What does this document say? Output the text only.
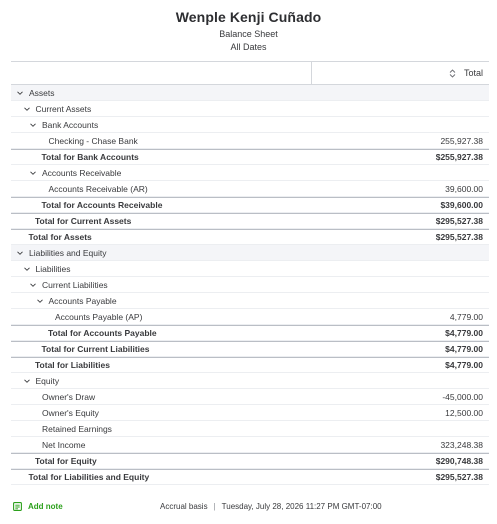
Wenple Kenji Cuñado
Balance Sheet
All Dates
Total
Assets
Current Assets
Bank Accounts
Checking - Chase Bank	255,927.38
Total for Bank Accounts	$255,927.38
Accounts Receivable
Accounts Receivable (AR)	39,600.00
Total for Accounts Receivable	$39,600.00
Total for Current Assets	$295,527.38
Total for Assets	$295,527.38
Liabilities and Equity
Liabilities
Current Liabilities
Accounts Payable
Accounts Payable (AP)	4,779.00
Total for Accounts Payable	$4,779.00
Total for Current Liabilities	$4,779.00
Total for Liabilities	$4,779.00
Equity
Owner's Draw	-45,000.00
Owner's Equity	12,500.00
Retained Earnings
Net Income	323,248.38
Total for Equity	$290,748.38
Total for Liabilities and Equity	$295,527.38
Add note	Accrual basis | Tuesday, July 28, 2026 11:27 PM GMT-07:00
